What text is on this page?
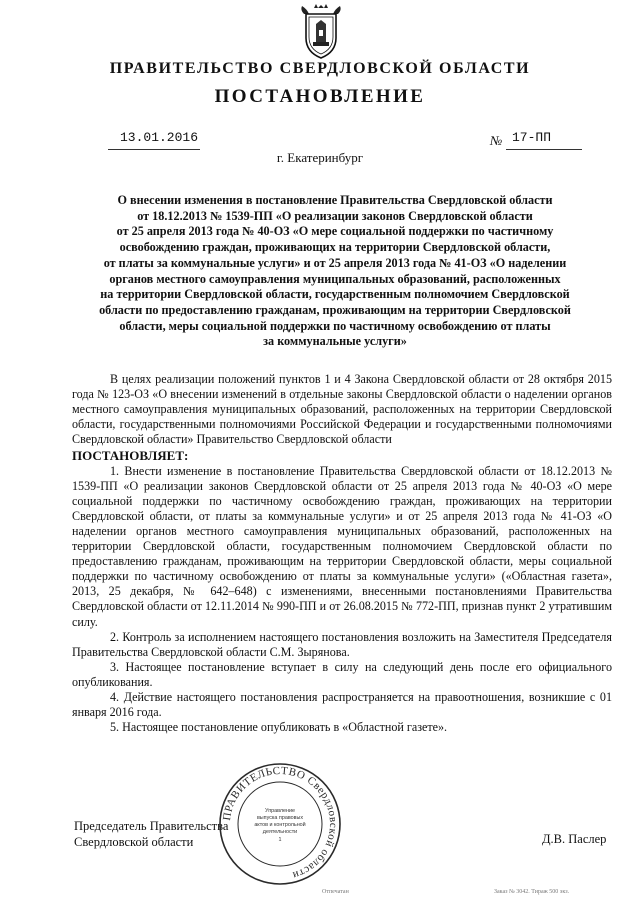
ПРАВИТЕЛЬСТВО СВЕРДЛОВСКОЙ ОБЛАСТИ
ПОСТАНОВЛЕНИЕ
13.01.2016	№ 17-ПП
г. Екатеринбург
О внесении изменения в постановление Правительства Свердловской области
от 18.12.2013 № 1539-ПП «О реализации законов Свердловской области
от 25 апреля 2013 года № 40-ОЗ «О мере социальной поддержки по частичному
освобождению граждан, проживающих на территории Свердловской области,
от платы за коммунальные услуги» и от 25 апреля 2013 года № 41-ОЗ «О наделении
органов местного самоуправления муниципальных образований, расположенных
на территории Свердловской области, государственным полномочием Свердловской
области по предоставлению гражданам, проживающим на территории Свердловской
области, меры социальной поддержки по частичному освобождению от платы
за коммунальные услуги»

В целях реализации положений пунктов 1 и 4 Закона Свердловской области от 28 октября 2015 года № 123-ОЗ «О внесении изменений в отдельные законы Свердловской области о наделении органов местного самоуправления муниципальных образований, расположенных на территории Свердловской области, государственными полномочиями Российской Федерации и государственными полномочиями Свердловской области» Правительство Свердловской области

ПОСТАНОВЛЯЕТ:

1. Внести изменение в постановление Правительства Свердловской области от 18.12.2013 № 1539-ПП «О реализации законов Свердловской области от 25 апреля 2013 года № 40-ОЗ «О мере социальной поддержки по частичному освобождению граждан, проживающих на территории Свердловской области, от платы за коммунальные услуги» и от 25 апреля 2013 года № 41-ОЗ «О наделении органов местного самоуправления муниципальных образований, расположенных на территории Свердловской области, государственным полномочием Свердловской области по предоставлению гражданам, проживающим на территории Свердловской области, меры социальной поддержки по частичному освобождению от платы за коммунальные услуги» («Областная газета», 2013, 25 декабря, № 642–648) с изменениями, внесенными постановлениями Правительства Свердловской области от 12.11.2014 № 990-ПП и от 26.08.2015 № 772-ПП, признав пункт 2 утратившим силу.

2. Контроль за исполнением настоящего постановления возложить на Заместителя Председателя Правительства Свердловской области С.М. Зырянова.

3. Настоящее постановление вступает в силу на следующий день после его официального опубликования.

4. Действие настоящего постановления распространяется на правоотношения, возникшие с 01 января 2016 года.

5. Настоящее постановление опубликовать в «Областной газете».

Председатель Правительства
Свердловской области	Д.В. Паслер
ПРАВИТЕЛЬСТВО Свердловской области
Управление
выпуска правовых
актов и контрольной
деятельности
1
Отпечатан	Заказ № 3042. Тираж 500 экз.
